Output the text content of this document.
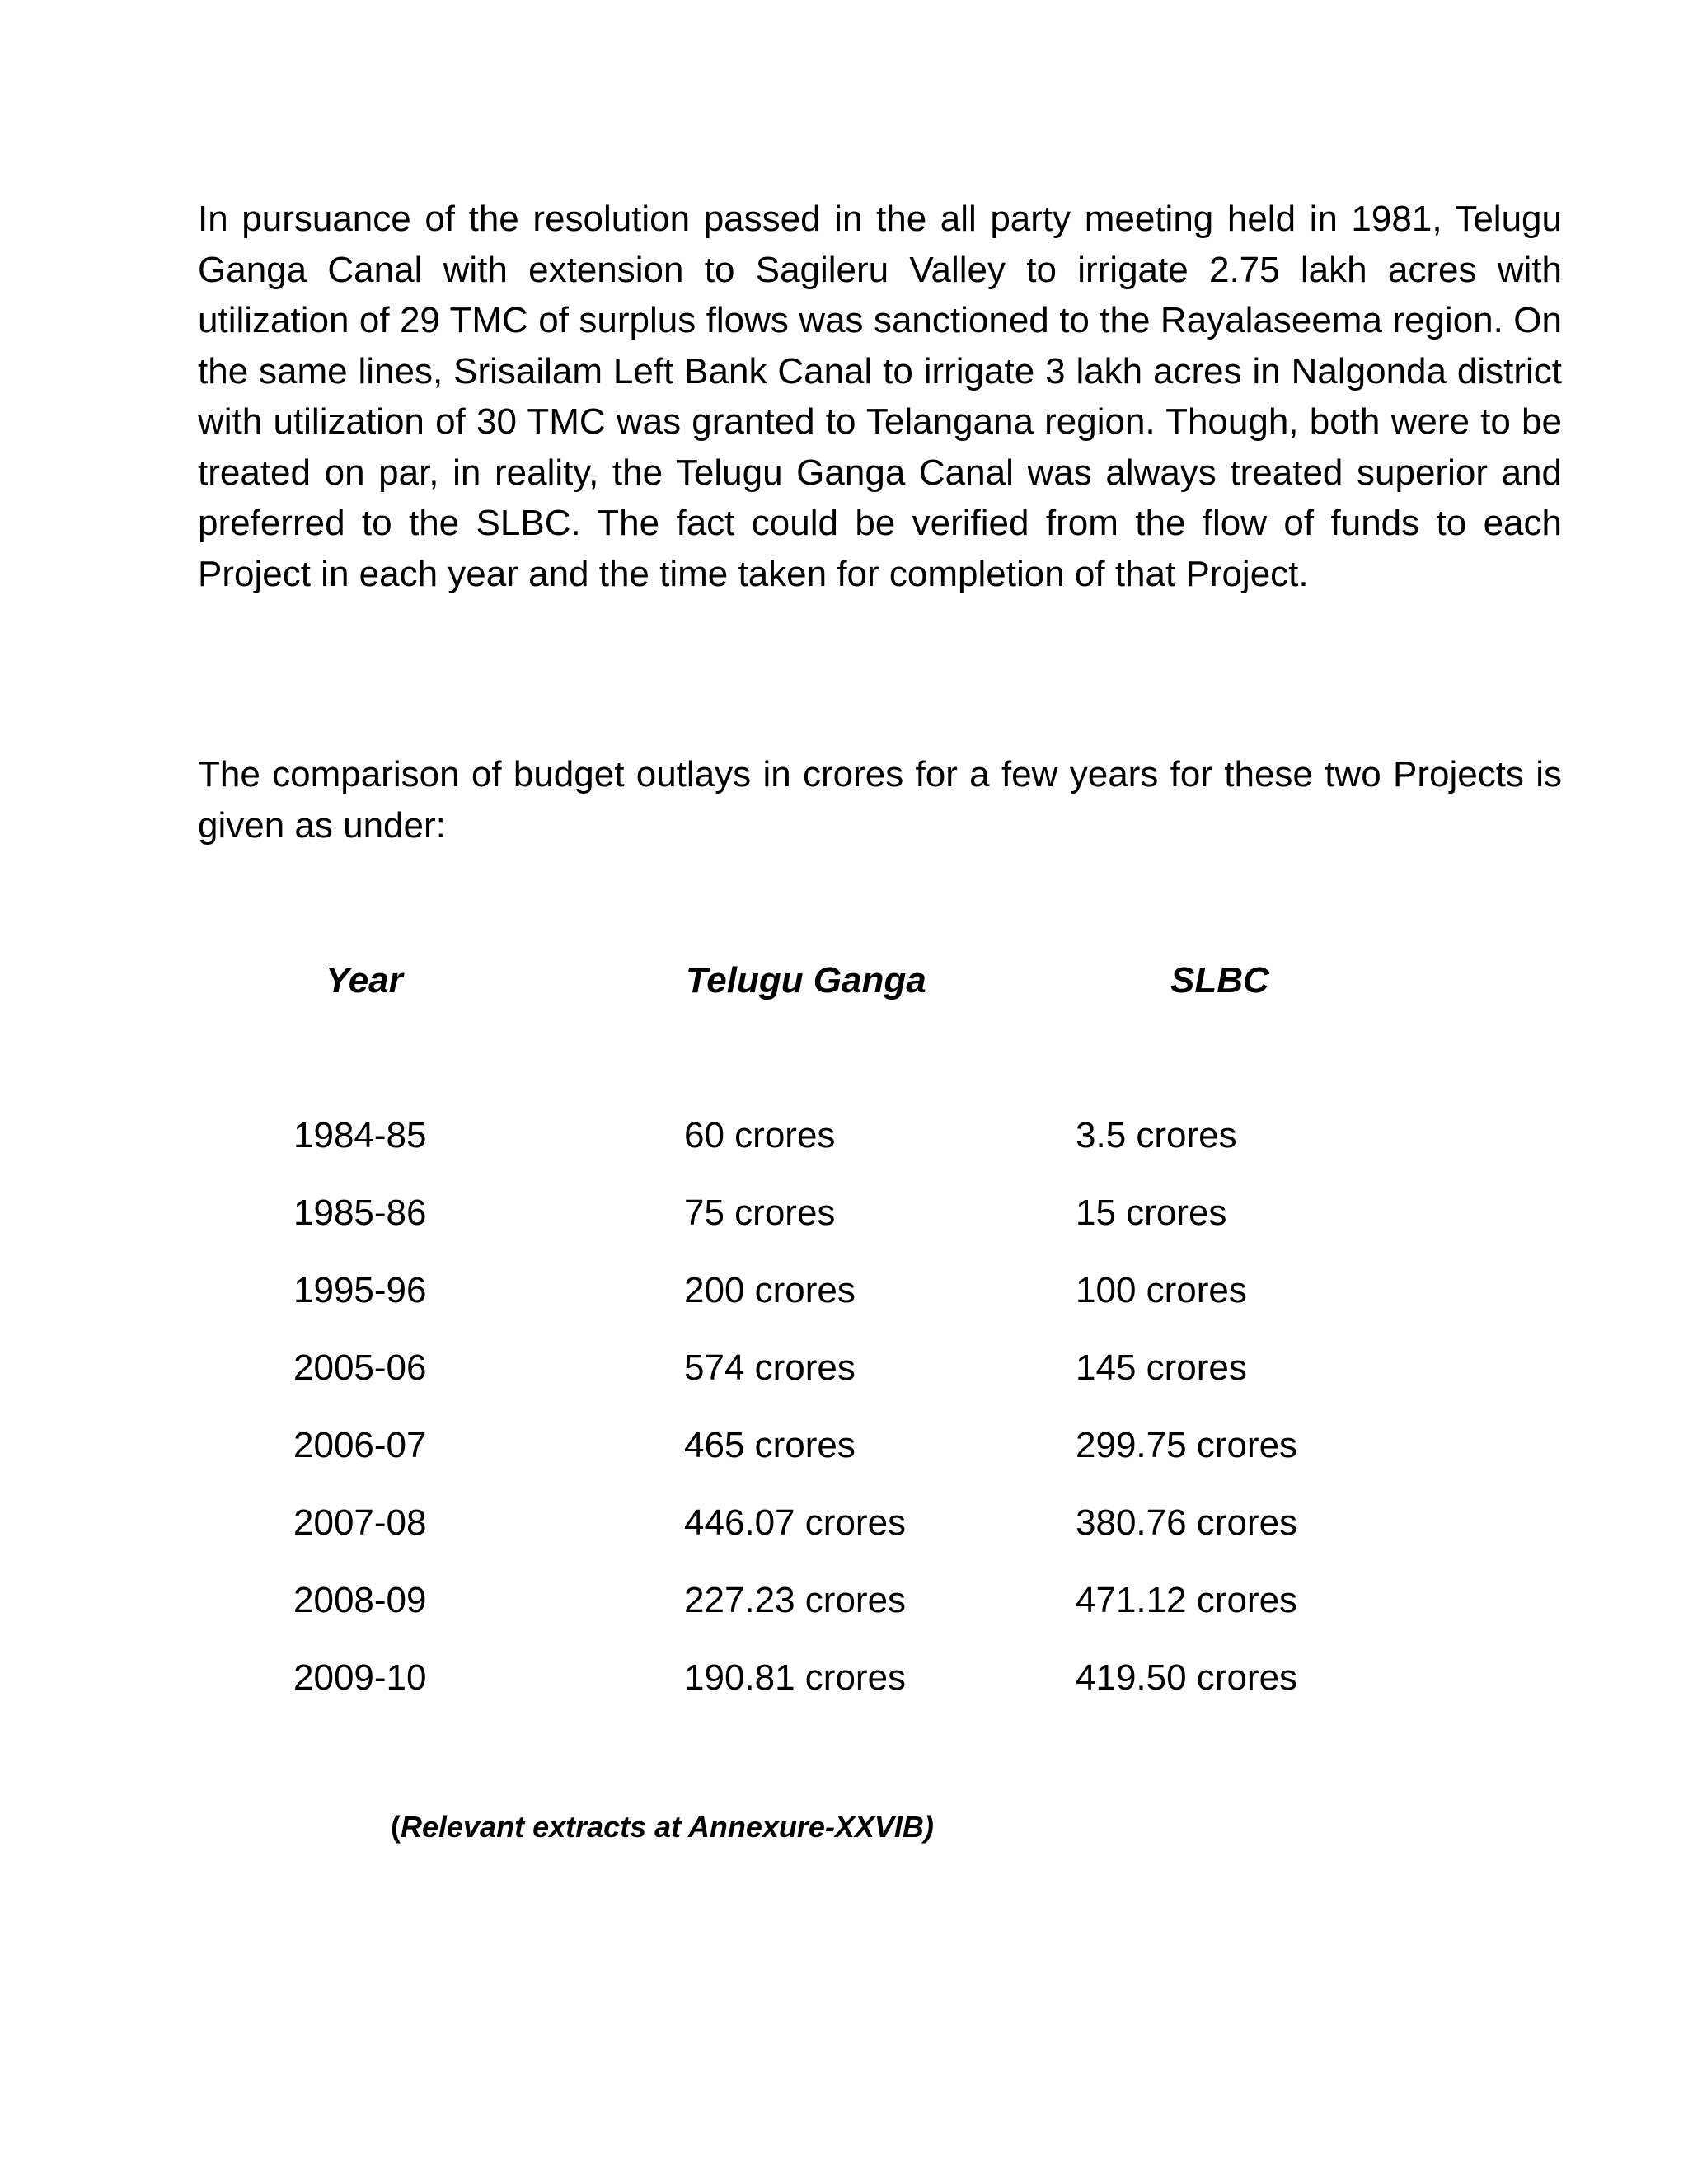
In pursuance of the resolution passed in the all party meeting held in 1981, Telugu Ganga Canal with extension to Sagileru Valley to irrigate 2.75 lakh acres with utilization of 29 TMC of surplus flows was sanctioned to the Rayalaseema region. On the same lines, Srisailam Left Bank Canal to irrigate 3 lakh acres in Nalgonda district with utilization of 30 TMC was granted to Telangana region. Though, both were to be treated on par, in reality, the Telugu Ganga Canal was always treated superior and preferred to the SLBC. The fact could be verified from the flow of funds to each Project in each year and the time taken for completion of that Project.

The comparison of budget outlays in crores for a few years for these two Projects is given as under:

Year	Telugu Ganga	SLBC

1984-85	60 crores	3.5 crores
1985-86	75 crores	15 crores
1995-96	200 crores	100 crores
2005-06	574 crores	145 crores
2006-07	465 crores	299.75 crores
2007-08	446.07 crores	380.76 crores
2008-09	227.23 crores	471.12 crores
2009-10	190.81 crores	419.50 crores

(Relevant extracts at Annexure-XXVIB)
